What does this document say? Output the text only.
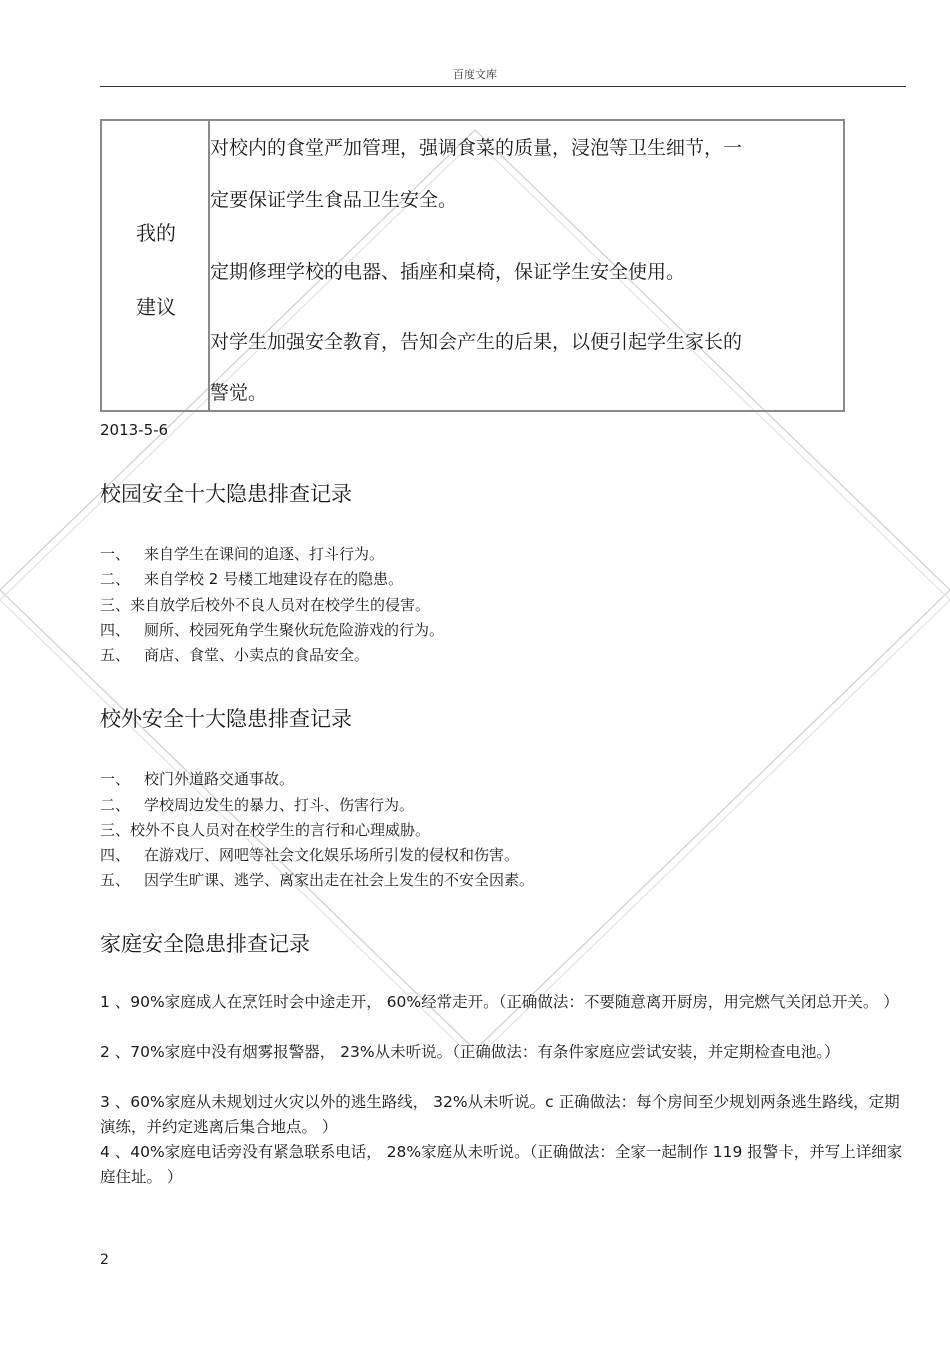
百度文库
我的
建议
对校内的食堂严加管理，强调食菜的质量，浸泡等卫生细节，一
定要保证学生食品卫生安全。
定期修理学校的电器、插座和桌椅，保证学生安全使用。
对学生加强安全教育，告知会产生的后果，以便引起学生家长的
警觉。
2013-5-6
校园安全十大隐患排查记录
一、 来自学生在课间的追逐、打斗行为。
二、 来自学校 2 号楼工地建设存在的隐患。
三、来自放学后校外不良人员对在校学生的侵害。
四、 厕所、校园死角学生聚伙玩危险游戏的行为。
五、 商店、食堂、小卖点的食品安全。
校外安全十大隐患排查记录
一、 校门外道路交通事故。
二、 学校周边发生的暴力、打斗、伤害行为。
三、校外不良人员对在校学生的言行和心理威胁。
四、 在游戏厅、网吧等社会文化娱乐场所引发的侵权和伤害。
五、 因学生旷课、逃学、离家出走在社会上发生的不安全因素。
家庭安全隐患排查记录
1 、90%家庭成人在烹饪时会中途走开， 60%经常走开。（正确做法：不要随意离开厨房，用完燃气关闭总开关。 ）
2 、70%家庭中没有烟雾报警器， 23%从未听说。（正确做法：有条件家庭应尝试安装，并定期检查电池。）
3 、60%家庭从未规划过火灾以外的逃生路线， 32%从未听说。c 正确做法：每个房间至少规划两条逃生路线，定期演练，并约定逃离后集合地点。 ）
4 、40%家庭电话旁没有紧急联系电话， 28%家庭从未听说。（正确做法：全家一起制作 119 报警卡，并写上详细家庭住址。 ）
2
